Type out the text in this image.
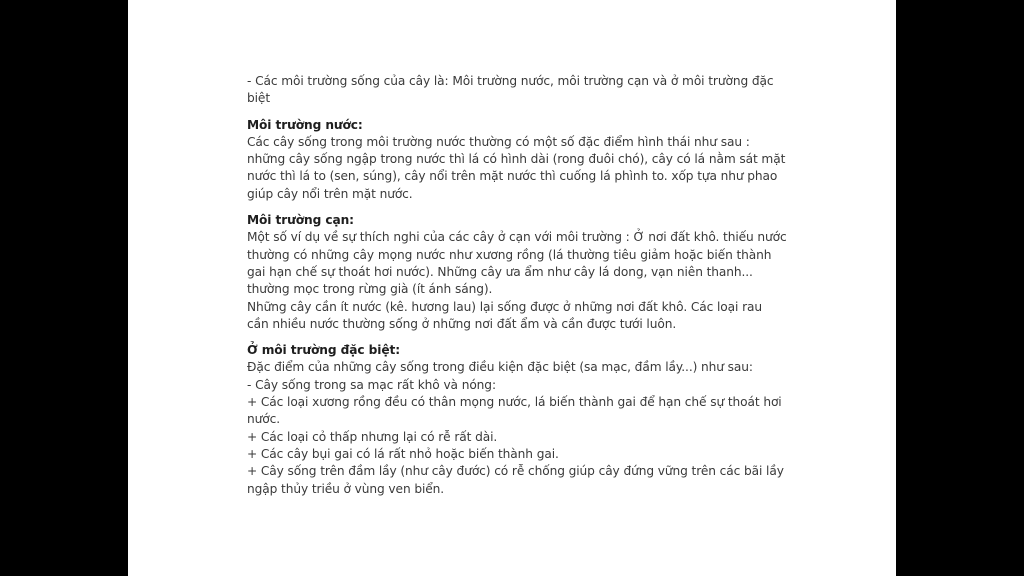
- Các môi trường sống của cây là: Môi trường nước, môi trường cạn và ở môi trường đặc biệt

Môi trường nước:

Các cây sống trong môi trường nước thường có một số đặc điểm hình thái như sau : những cây sống ngập trong nước thì lá có hình dài (rong đuôi chó), cây có lá nằm sát mặt nước thì lá to (sen, súng), cây nổi trên mặt nước thì cuống lá phình to. xốp tựa như phao giúp cây nổi trên mặt nước.

Môi trường cạn:

Một số ví dụ về sự thích nghi của các cây ở cạn với môi trường : Ở nơi đất khô. thiếu nước thường có những cây mọng nước như xương rồng (lá thường tiêu giảm hoặc biến thành gai hạn chế sự thoát hơi nước). Những cây ưa ẩm như cây lá dong, vạn niên thanh... thường mọc trong rừng già (ít ánh sáng).

Những cây cần ít nước (kê. hương lau) lại sống được ở những nơi đất khô. Các loại rau cần nhiều nước thường sống ở những nơi đất ẩm và cần được tưới luôn.

Ở môi trường đặc biệt:

Đặc điểm của những cây sống trong điều kiện đặc biệt (sa mạc, đầm lầy...) như sau:

- Cây sống trong sa mạc rất khô và nóng:

+ Các loại xương rồng đều có thân mọng nước, lá biến thành gai để hạn chế sự thoát hơi nước.

+ Các loại cỏ thấp nhưng lại có rễ rất dài.

+ Các cây bụi gai có lá rất nhỏ hoặc biến thành gai.

+ Cây sống trên đầm lầy (như cây đước) có rễ chống giúp cây đứng vững trên các bãi lầy ngập thủy triều ở vùng ven biển.
